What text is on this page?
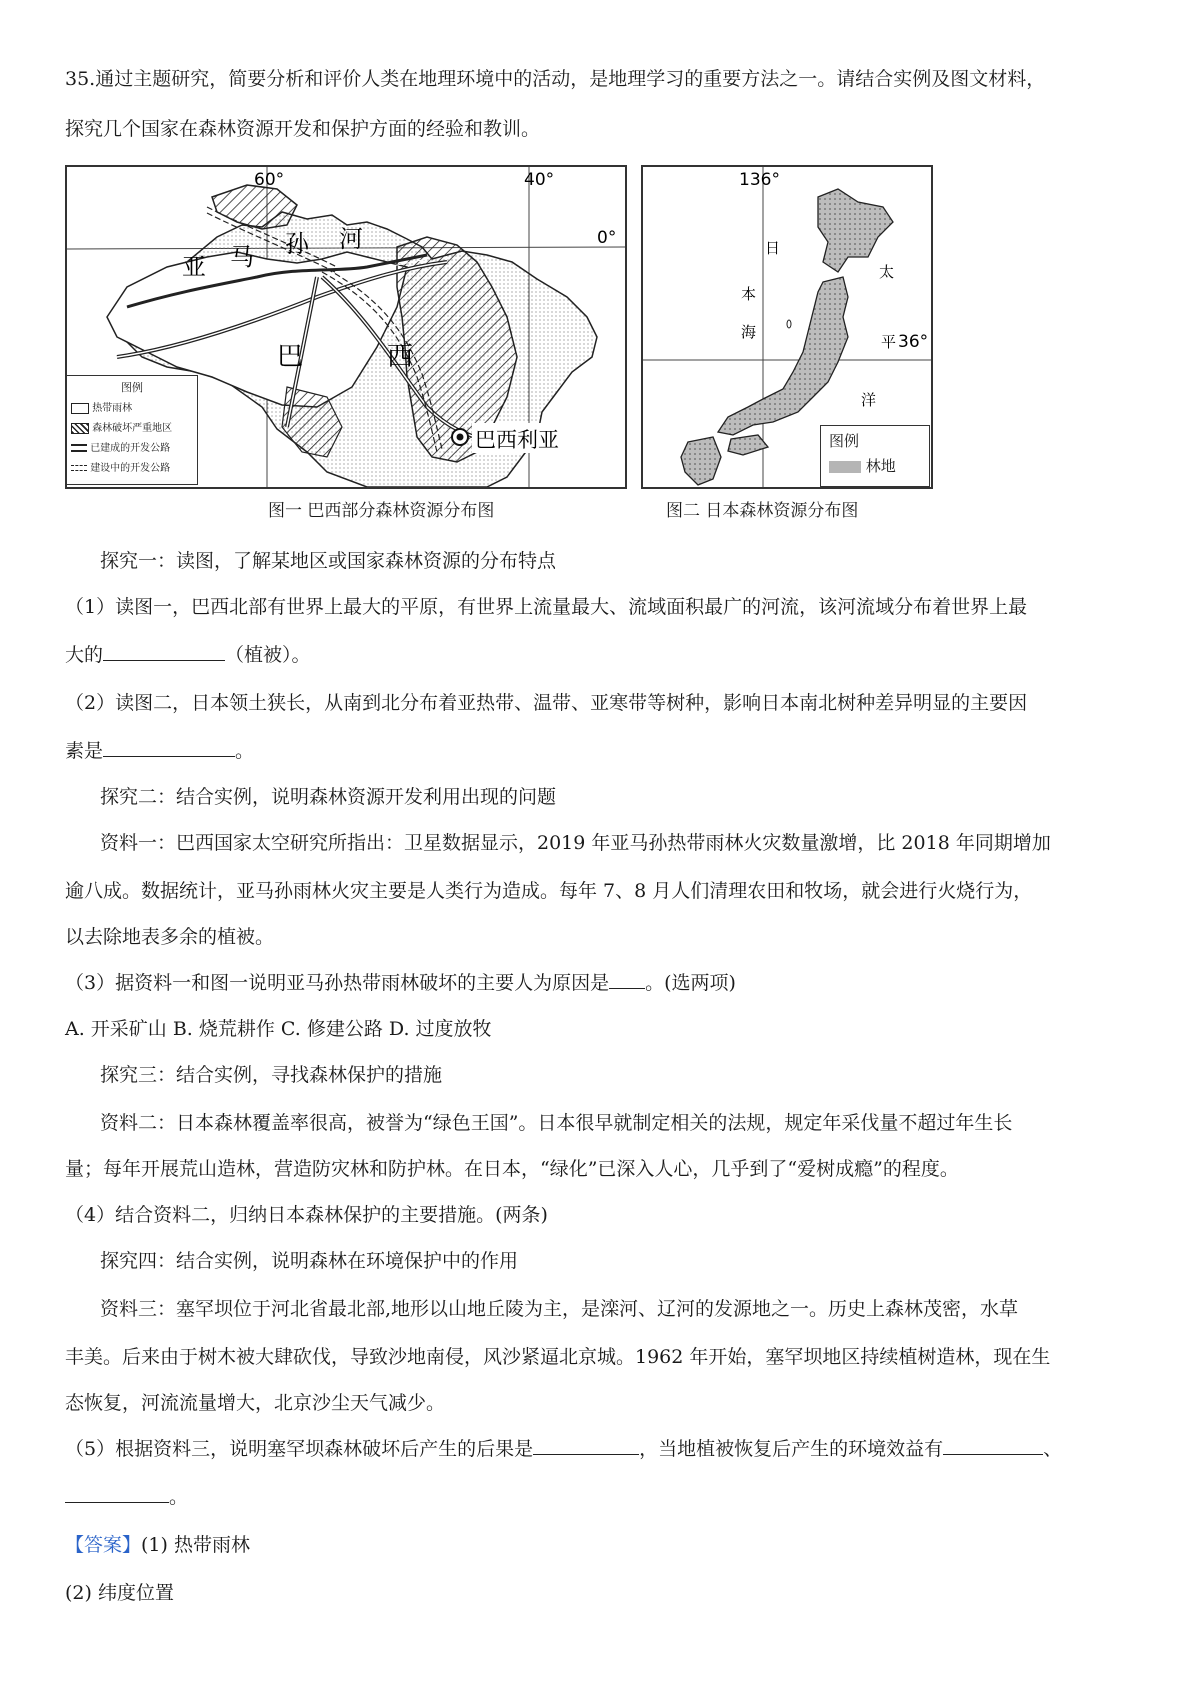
35.通过主题研究，简要分析和评价人类在地理环境中的活动，是地理学习的重要方法之一。请结合实例及图文材料，
探究几个国家在森林资源开发和保护方面的经验和教训。
60°	40°
0°
亚 马 孙 河
巴	西
巴西利亚
图例
热带雨林
森林破坏严重地区
已建成的开发公路
建设中的开发公路
图一 巴西部分森林资源分布图
136°
36°
日
本
海
太
平
洋
图例
林地
图二 日本森林资源分布图
探究一：读图，了解某地区或国家森林资源的分布特点
（1）读图一，巴西北部有世界上最大的平原，有世界上流量最大、流域面积最广的河流，该河流域分布着世界上最
大的	（植被）。
（2）读图二，日本领土狭长，从南到北分布着亚热带、温带、亚寒带等树种，影响日本南北树种差异明显的主要因
素是	。
探究二：结合实例，说明森林资源开发利用出现的问题
资料一：巴西国家太空研究所指出：卫星数据显示，2019 年亚马孙热带雨林火灾数量激增，比 2018 年同期增加
逾八成。数据统计，亚马孙雨林火灾主要是人类行为造成。每年 7、8 月人们清理农田和牧场，就会进行火烧行为，
以去除地表多余的植被。
（3）据资料一和图一说明亚马孙热带雨林破坏的主要人为原因是 。(选两项)
A. 开采矿山 B. 烧荒耕作 C. 修建公路 D. 过度放牧
探究三：结合实例，寻找森林保护的措施
资料二：日本森林覆盖率很高，被誉为“绿色王国”。日本很早就制定相关的法规，规定年采伐量不超过年生长
量；每年开展荒山造林，营造防灾林和防护林。在日本，“绿化”已深入人心，几乎到了“爱树成瘾”的程度。
（4）结合资料二，归纳日本森林保护的主要措施。(两条)
探究四：结合实例，说明森林在环境保护中的作用
资料三：塞罕坝位于河北省最北部,地形以山地丘陵为主，是滦河、辽河的发源地之一。历史上森林茂密，水草
丰美。后来由于树木被大肆砍伐，导致沙地南侵，风沙紧逼北京城。1962 年开始，塞罕坝地区持续植树造林，现在生
态恢复，河流流量增大，北京沙尘天气减少。
（5）根据资料三，说明塞罕坝森林破坏后产生的后果是	，当地植被恢复后产生的环境效益有	、
。
【答案】(1) 热带雨林
(2) 纬度位置
